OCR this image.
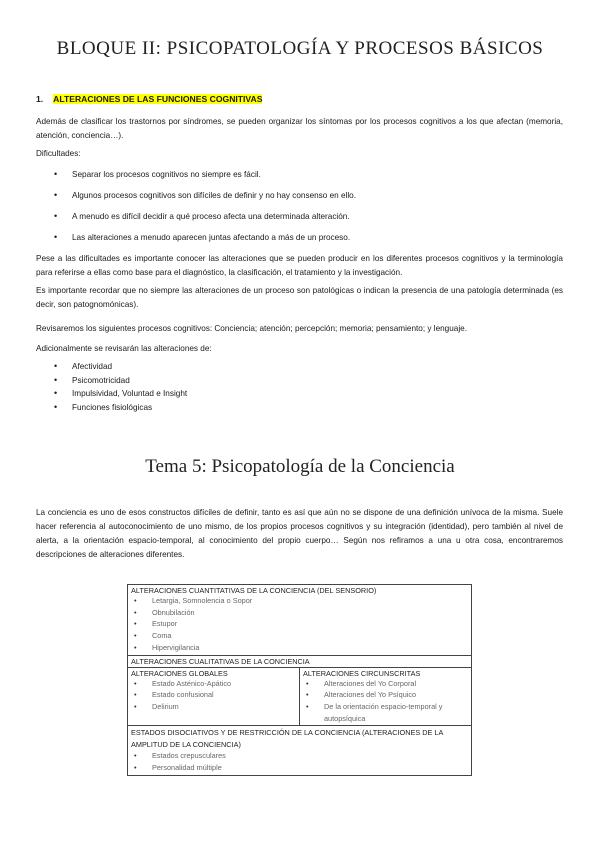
BLOQUE II: PSICOPATOLOGÍA Y PROCESOS BÁSICOS
1. ALTERACIONES DE LAS FUNCIONES COGNITIVAS
Además de clasificar los trastornos por síndromes, se pueden organizar los síntomas por los procesos cognitivos a los que afectan (memoria, atención, conciencia…).
Dificultades:
• Separar los procesos cognitivos no siempre es fácil.
• Algunos procesos cognitivos son difíciles de definir y no hay consenso en ello.
• A menudo es difícil decidir a qué proceso afecta una determinada alteración.
• Las alteraciones a menudo aparecen juntas afectando a más de un proceso.
Pese a las dificultades es importante conocer las alteraciones que se pueden producir en los diferentes procesos cognitivos y la terminología para referirse a ellas como base para el diagnóstico, la clasificación, el tratamiento y la investigación.
Es importante recordar que no siempre las alteraciones de un proceso son patológicas o indican la presencia de una patología determinada (es decir, son patognomónicas).
Revisaremos los siguientes procesos cognitivos: Conciencia; atención; percepción; memoria; pensamiento; y lenguaje.
Adicionalmente se revisarán las alteraciones de:
• Afectividad
• Psicomotricidad
• Impulsividad, Voluntad e Insight
• Funciones fisiológicas
Tema 5: Psicopatología de la Conciencia
La conciencia es uno de esos constructos difíciles de definir, tanto es así que aún no se dispone de una definición unívoca de la misma. Suele hacer referencia al autoconocimiento de uno mismo, de los propios procesos cognitivos y su integración (identidad), pero también al nivel de alerta, a la orientación espacio-temporal, al conocimiento del propio cuerpo… Según nos refiramos a una u otra cosa, encontraremos descripciones de alteraciones diferentes.
ALTERACIONES CUANTITATIVAS DE LA CONCIENCIA (DEL SENSORIO)
• Letargia, Somnolencia o Sopor
• Obnubilación
• Estupor
• Coma
• Hipervigilancia

ALTERACIONES CUALITATIVAS DE LA CONCIENCIA

ALTERACIONES GLOBALES
• Estado Asténico-Apático
• Estado confusional
• Delirium

ALTERACIONES CIRCUNSCRITAS
• Alteraciones del Yo Corporal
• Alteraciones del Yo Psíquico
• De la orientación espacio-temporal y autopsíquica

ESTADOS DISOCIATIVOS Y DE RESTRICCIÓN DE LA CONCIENCIA (ALTERACIONES DE LA AMPLITUD DE LA CONCIENCIA)
• Estados crepusculares
• Personalidad múltiple
